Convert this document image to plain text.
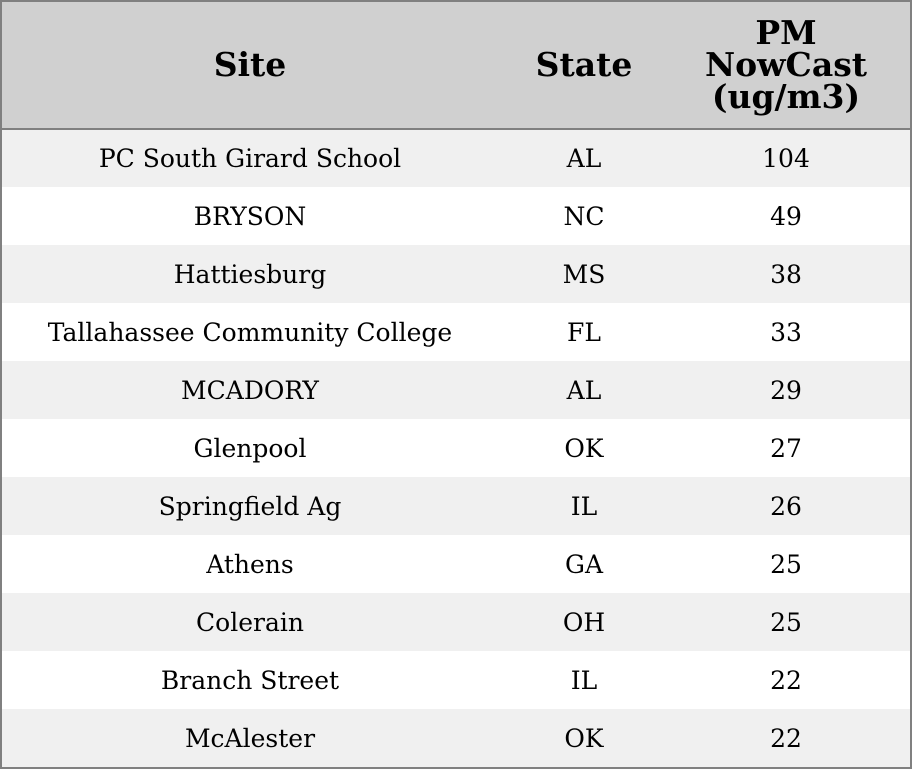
Site	State	PM
NowCast
(ug/m3)
PC South Girard School	AL	104
BRYSON	NC	49
Hattiesburg	MS	38
Tallahassee Community College	FL	33
MCADORY	AL	29
Glenpool	OK	27
Springfield Ag	IL	26
Athens	GA	25
Colerain	OH	25
Branch Street	IL	22
McAlester	OK	22
